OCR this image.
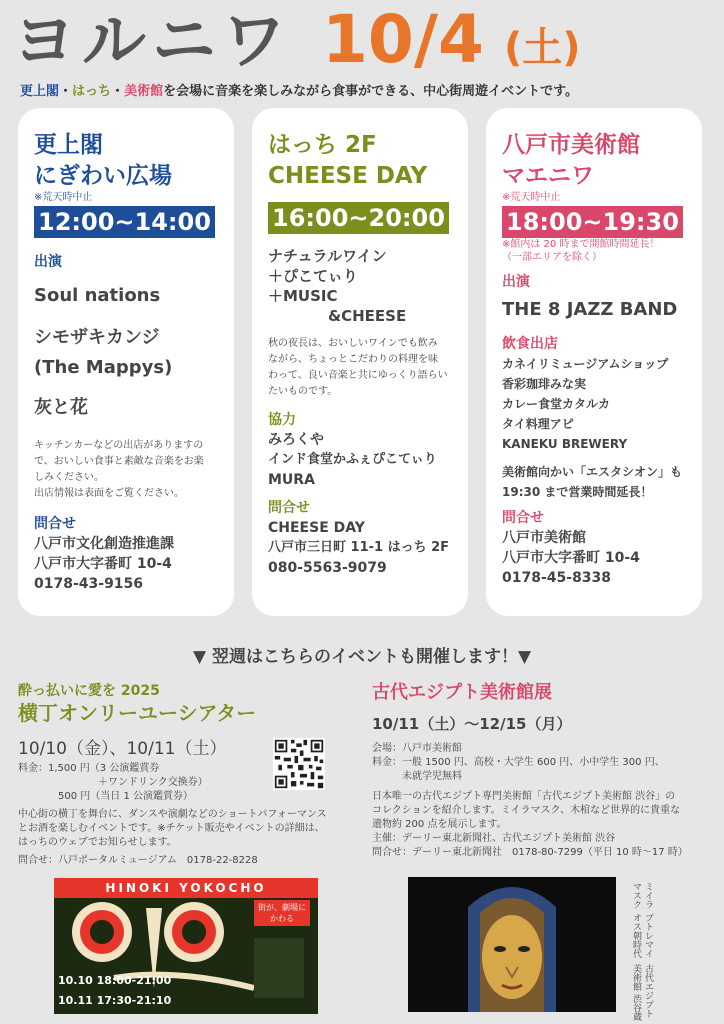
ヨルニワ 10/4 (土)
更上閣・はっち・美術館を会場に音楽を楽しみながら食事ができる、中心街周遊イベントです。
更上閣
にぎわい広場
※荒天時中止
12:00~14:00
出演
Soul nations
シモザキカンジ
(The Mappys)
灰と花
キッチンカーなどの出店がありますの
で、おいしい食事と素敵な音楽をお楽
しみください。
出店情報は表面をご覧ください。
問合せ
八戸市文化創造推進課
八戸市大字番町 10-4
0178-43-9156
はっち 2F
CHEESE DAY
16:00~20:00
ナチュラルワイン
＋ぴこてぃり
＋MUSIC
&CHEESE
秋の夜長は、おいしいワインでも飲み
ながら、ちょっとこだわりの料理を味
わって、良い音楽と共にゆっくり語らい
たいものです。
協力
みろくや
インド食堂かふぇぴこてぃり
MURA
問合せ
CHEESE DAY
八戸市三日町 11-1 はっち 2F
080-5563-9079
八戸市美術館
マエニワ
※荒天時中止
18:00~19:30
※館内は 20 時まで開館時間延長！
（一部エリアを除く）
出演
THE 8 JAZZ BAND
飲食出店
カネイリミュージアムショップ
香彩珈琲みな実
カレー食堂カタルカ
タイ料理アピ
KANEKU BREWERY
美術館向かい「エスタシオン」も
19:30 まで営業時間延長！
問合せ
八戸市美術館
八戸市大字番町 10-4
0178-45-8338
▼ 翌週はこちらのイベントも開催します！▼
酔っ払いに愛を 2025
横丁オンリーユーシアター
10/10（金）、10/11（土）
料金：1,500 円（3 公演鑑賞券
　　　　　　　　＋ワンドリンク交換券）
　　　　500 円（当日 1 公演鑑賞券）
中心街の横丁を舞台に、ダンスや演劇などのショートパフォーマンス
とお酒を楽しむイベントです。※チケット販売やイベントの詳細は、
はっちのウェブでお知らせします。
問合せ：八戸ポータルミュージアム　0178-22-8228
HINOKI YOKOCHO
街が、劇場にかわる
10.10 18:00-21:00
10.11 17:30-21:10
古代エジプト美術館展
10/11（土）～12/15（月）
会場：八戸市美術館
料金：一般 1500 円、高校・大学生 600 円、小中学生 300 円、
　　　未就学児無料
日本唯一の古代エジプト専門美術館「古代エジプト美術館 渋谷」の
コレクションを紹介します。ミイラマスク、木棺など世界的に貴重な
遺物約 200 点を展示します。
主催：デーリー東北新聞社、古代エジプト美術館 渋谷
問合せ：デーリー東北新聞社　0178-80-7299（平日 10 時～17 時）
ミイラマスク
プトレマイオス朝時代
古代エジプト美術館 渋谷蔵
